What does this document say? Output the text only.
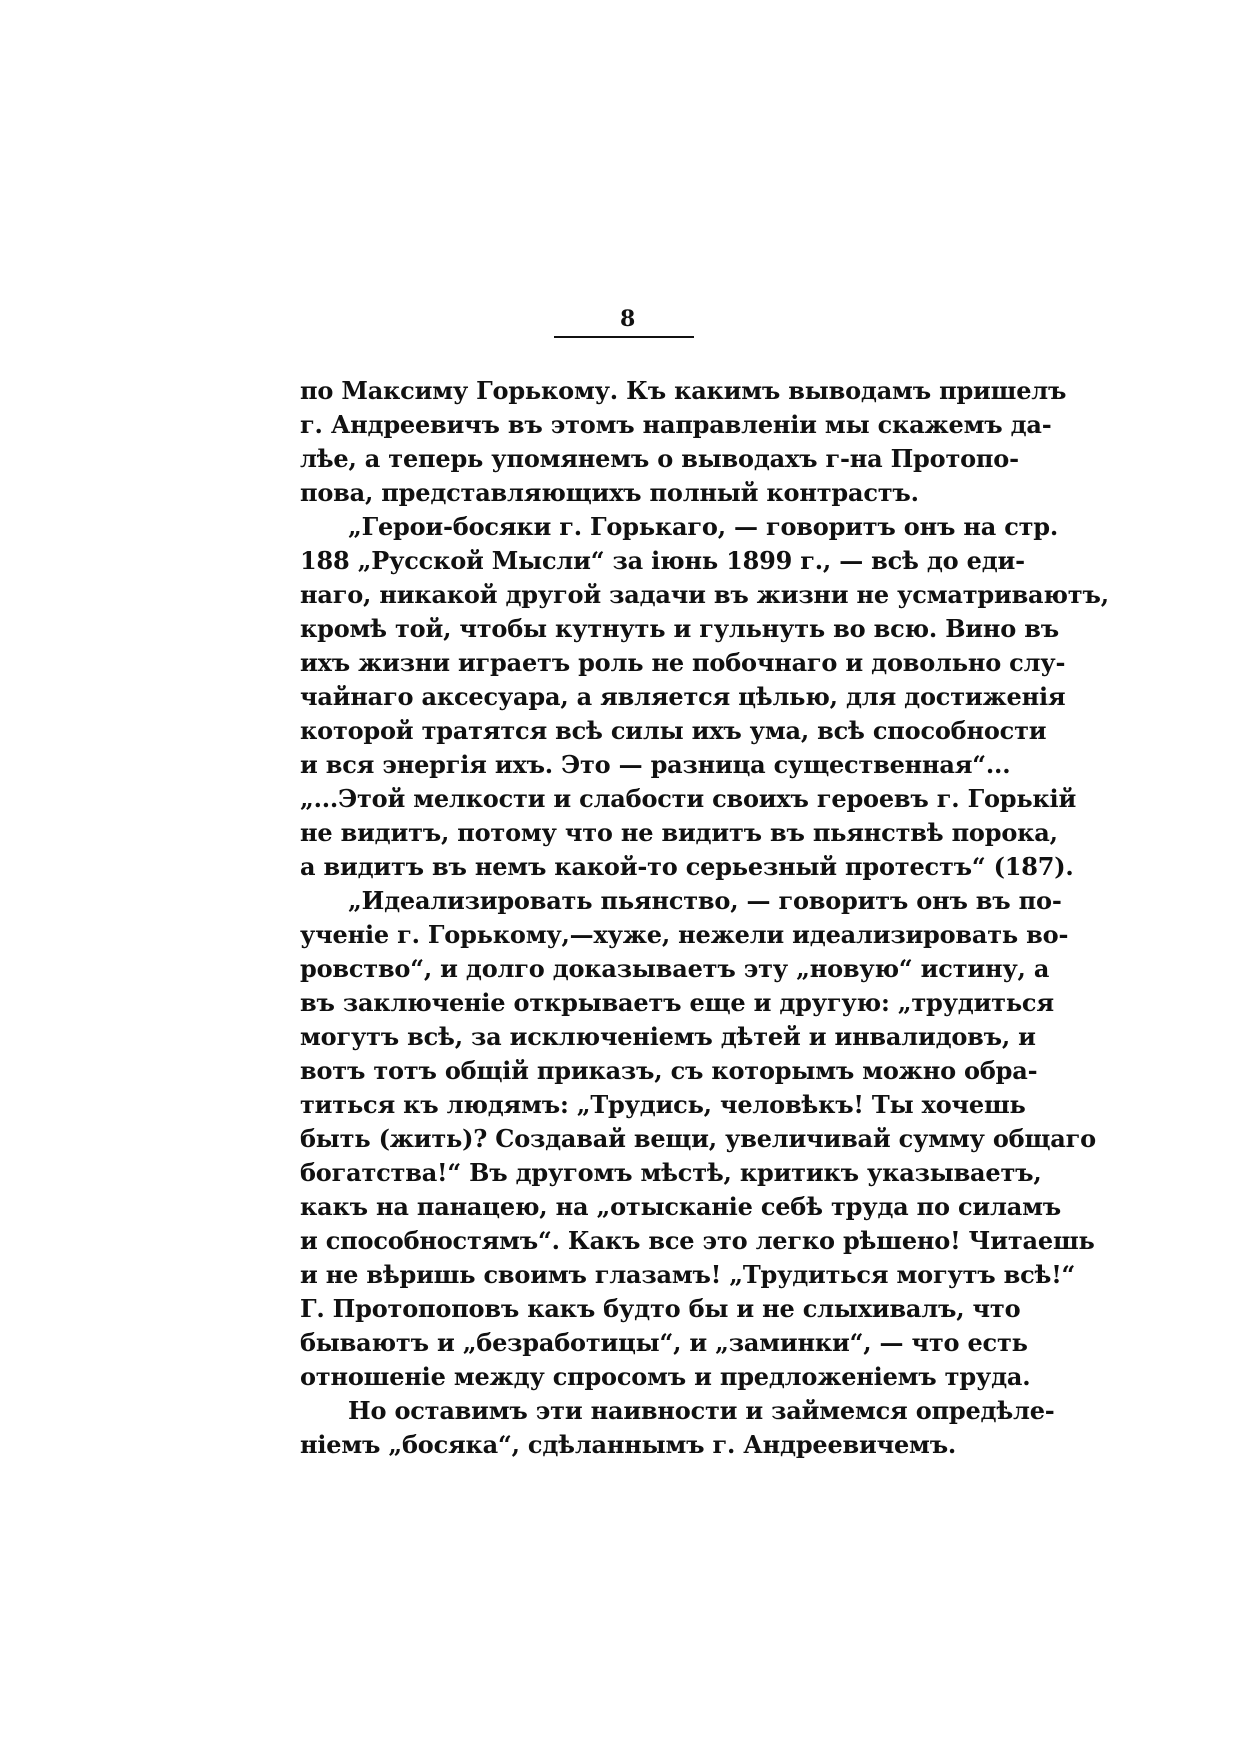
8
по Максиму Горькому. Къ какимъ выводамъ пришелъ
г. Андреевичъ въ этомъ направленіи мы скажемъ да-
лѣе, а теперь упомянемъ о выводахъ г-на Протопо-
пова, представляющихъ полный контрастъ.
„Герои-босяки г. Горькаго, — говоритъ онъ на стр.
188 „Русской Мысли“ за іюнь 1899 г., — всѣ до еди-
наго, никакой другой задачи въ жизни не усматриваютъ,
кромѣ той, чтобы кутнуть и гульнуть во всю. Вино въ
ихъ жизни играетъ роль не побочнаго и довольно слу-
чайнаго аксесуара, а является цѣлью, для достиженія
которой тратятся всѣ силы ихъ ума, всѣ способности
и вся энергія ихъ. Это — разница существенная“...
„...Этой мелкости и слабости своихъ героевъ г. Горькій
не видитъ, потому что не видитъ въ пьянствѣ порока,
а видитъ въ немъ какой-то серьезный протестъ“ (187).
„Идеализировать пьянство, — говоритъ онъ въ по-
ученіе г. Горькому,—хуже, нежели идеализировать во-
ровство“, и долго доказываетъ эту „новую“ истину, а
въ заключеніе открываетъ еще и другую: „трудиться
могутъ всѣ, за исключеніемъ дѣтей и инвалидовъ, и
вотъ тотъ общій приказъ, съ которымъ можно обра-
титься къ людямъ: „Трудись, человѣкъ! Ты хочешь
быть (жить)? Создавай вещи, увеличивай сумму общаго
богатства!“ Въ другомъ мѣстѣ, критикъ указываетъ,
какъ на панацею, на „отысканіе себѣ труда по силамъ
и способностямъ“. Какъ все это легко рѣшено! Читаешь
и не вѣришь своимъ глазамъ! „Трудиться могутъ всѣ!“
Г. Протопоповъ какъ будто бы и не слыхивалъ, что
бываютъ и „безработицы“, и „заминки“, — что есть
отношеніе между спросомъ и предложеніемъ труда.
Но оставимъ эти наивности и займемся опредѣле-
ніемъ „босяка“, сдѣланнымъ г. Андреевичемъ.
